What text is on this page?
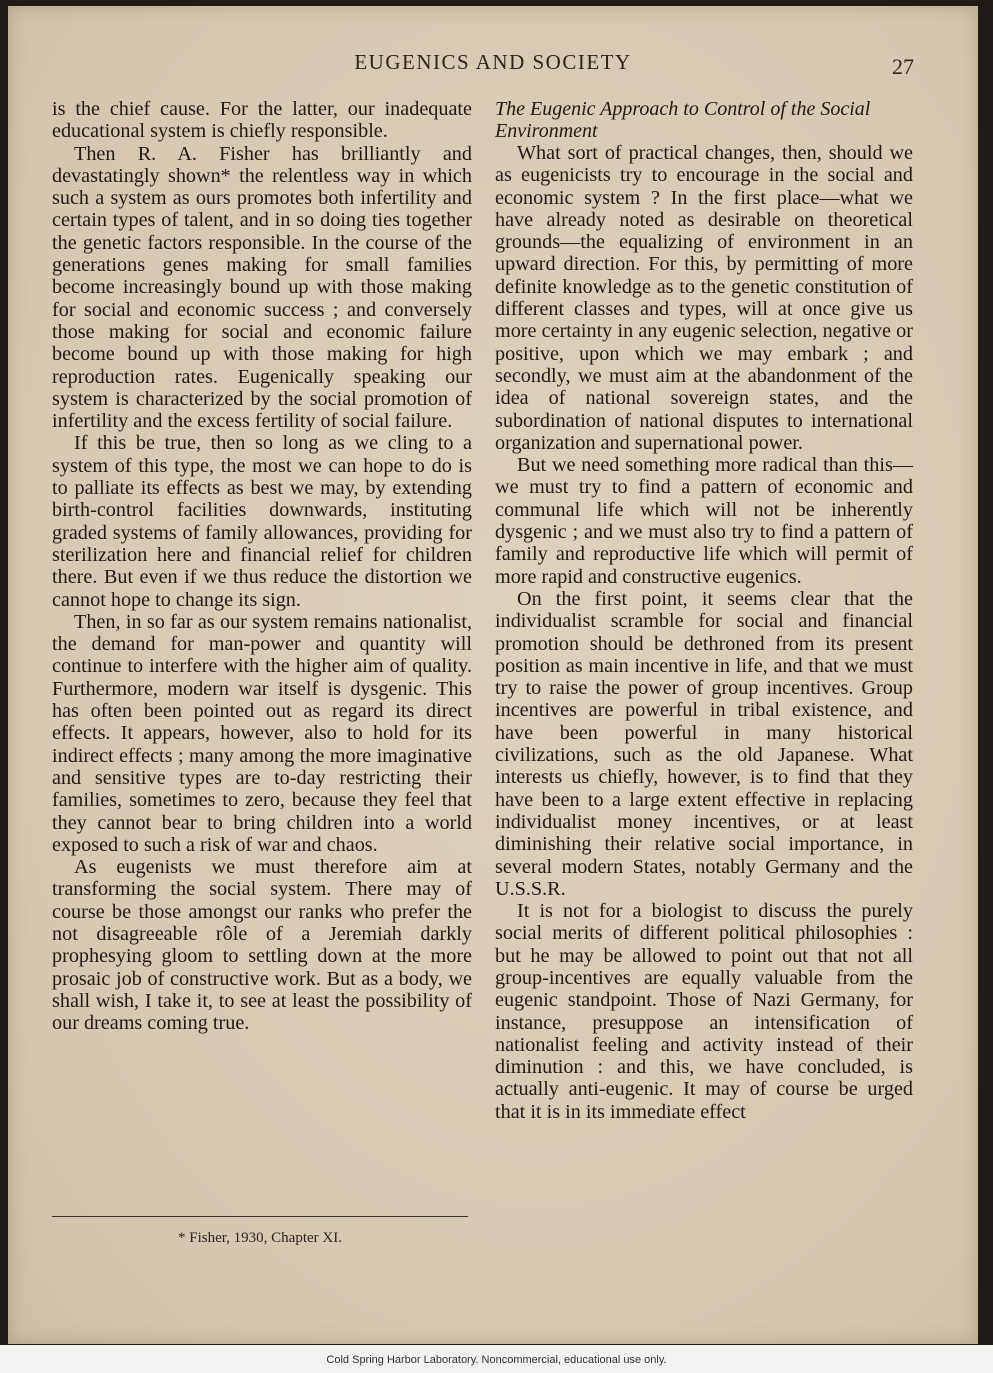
EUGENICS AND SOCIETY	27

is the chief cause. For the latter, our inadequate educational system is chiefly responsible.

Then R. A. Fisher has brilliantly and devastatingly shown* the relentless way in which such a system as ours promotes both infertility and certain types of talent, and in so doing ties together the genetic factors responsible. In the course of the generations genes making for small families become increasingly bound up with those making for social and economic success ; and conversely those making for social and economic failure become bound up with those making for high reproduction rates. Eugenically speaking our system is characterized by the social promotion of infertility and the excess fertility of social failure.

If this be true, then so long as we cling to a system of this type, the most we can hope to do is to palliate its effects as best we may, by extending birth-control facilities downwards, instituting graded systems of family allowances, providing for sterilization here and financial relief for children there. But even if we thus reduce the distortion we cannot hope to change its sign.

Then, in so far as our system remains nationalist, the demand for man-power and quantity will continue to interfere with the higher aim of quality. Furthermore, modern war itself is dysgenic. This has often been pointed out as regard its direct effects. It appears, however, also to hold for its indirect effects ; many among the more imaginative and sensitive types are to-day restricting their families, sometimes to zero, because they feel that they cannot bear to bring children into a world exposed to such a risk of war and chaos.

As eugenists we must therefore aim at transforming the social system. There may of course be those amongst our ranks who prefer the not disagreeable rôle of a Jeremiah darkly prophesying gloom to settling down at the more prosaic job of constructive work. But as a body, we shall wish, I take it, to see at least the possibility of our dreams coming true.

The Eugenic Approach to Control of the Social Environment

What sort of practical changes, then, should we as eugenicists try to encourage in the social and economic system ? In the first place—what we have already noted as desirable on theoretical grounds—the equalizing of environment in an upward direction. For this, by permitting of more definite knowledge as to the genetic constitution of different classes and types, will at once give us more certainty in any eugenic selection, negative or positive, upon which we may embark ; and secondly, we must aim at the abandonment of the idea of national sovereign states, and the subordination of national disputes to international organization and supernational power.

But we need something more radical than this—we must try to find a pattern of economic and communal life which will not be inherently dysgenic ; and we must also try to find a pattern of family and reproductive life which will permit of more rapid and constructive eugenics.

On the first point, it seems clear that the individualist scramble for social and financial promotion should be dethroned from its present position as main incentive in life, and that we must try to raise the power of group incentives. Group incentives are powerful in tribal existence, and have been powerful in many historical civilizations, such as the old Japanese. What interests us chiefly, however, is to find that they have been to a large extent effective in replacing individualist money incentives, or at least diminishing their relative social importance, in several modern States, notably Germany and the U.S.S.R.

It is not for a biologist to discuss the purely social merits of different political philosophies : but he may be allowed to point out that not all group-incentives are equally valuable from the eugenic standpoint. Those of Nazi Germany, for instance, presuppose an intensification of nationalist feeling and activity instead of their diminution : and this, we have concluded, is actually anti-eugenic. It may of course be urged that it is in its immediate effect

* Fisher, 1930, Chapter XI.
Cold Spring Harbor Laboratory. Noncommercial, educational use only.
